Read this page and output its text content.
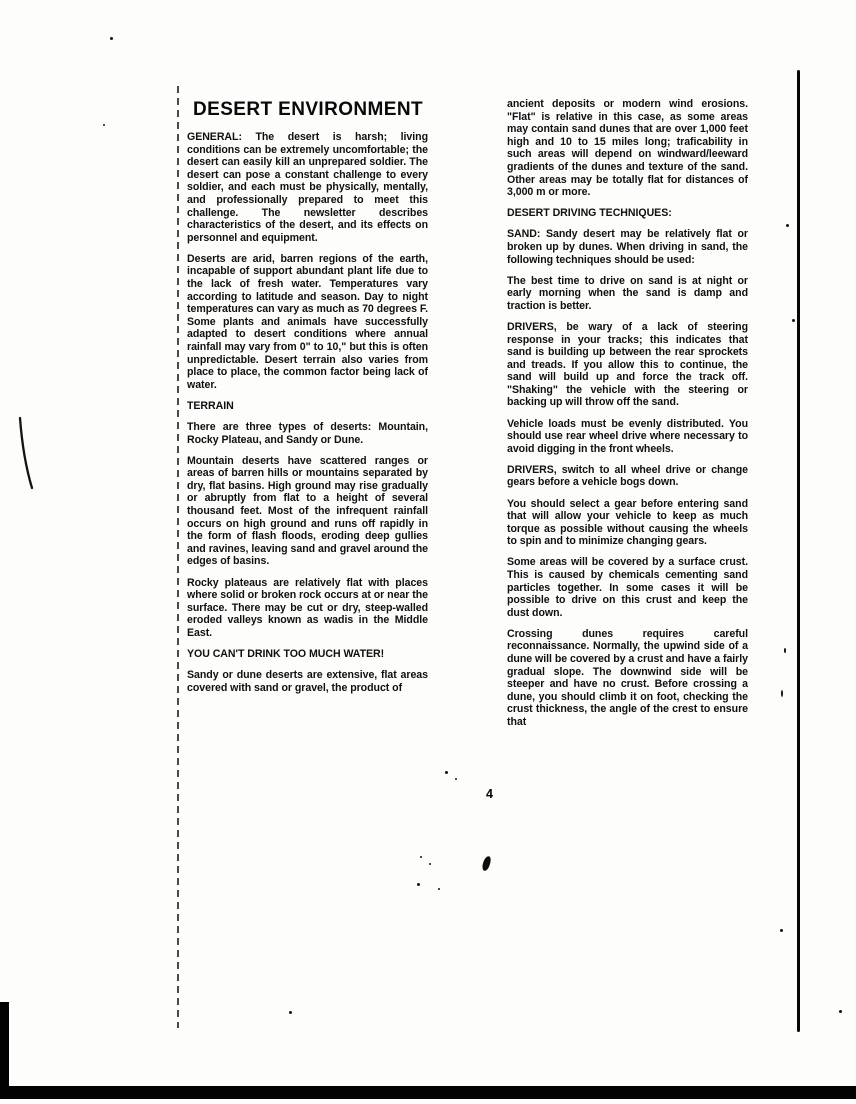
DESERT ENVIRONMENT

GENERAL: The desert is harsh; living conditions can be extremely uncomfortable; the desert can easily kill an unprepared soldier. The desert can pose a constant challenge to every soldier, and each must be physically, mentally, and professionally prepared to meet this challenge. The newsletter describes characteristics of the desert, and its effects on personnel and equipment.

Deserts are arid, barren regions of the earth, incapable of support abundant plant life due to the lack of fresh water. Temperatures vary according to latitude and season. Day to night temperatures can vary as much as 70 degrees F. Some plants and animals have successfully adapted to desert conditions where annual rainfall may vary from 0" to 10," but this is often unpredictable. Desert terrain also varies from place to place, the common factor being lack of water.

TERRAIN

There are three types of deserts: Mountain, Rocky Plateau, and Sandy or Dune.

Mountain deserts have scattered ranges or areas of barren hills or mountains separated by dry, flat basins. High ground may rise gradually or abruptly from flat to a height of several thousand feet. Most of the infrequent rainfall occurs on high ground and runs off rapidly in the form of flash floods, eroding deep gullies and ravines, leaving sand and gravel around the edges of basins.

Rocky plateaus are relatively flat with places where solid or broken rock occurs at or near the surface. There may be cut or dry, steep-walled eroded valleys known as wadis in the Middle East.

YOU CAN'T DRINK TOO MUCH WATER!

Sandy or dune deserts are extensive, flat areas covered with sand or gravel, the product of

ancient deposits or modern wind erosions. "Flat" is relative in this case, as some areas may contain sand dunes that are over 1,000 feet high and 10 to 15 miles long; traficability in such areas will depend on windward/leeward gradients of the dunes and texture of the sand. Other areas may be totally flat for distances of 3,000 m or more.

DESERT DRIVING TECHNIQUES:

SAND: Sandy desert may be relatively flat or broken up by dunes. When driving in sand, the following techniques should be used:

The best time to drive on sand is at night or early morning when the sand is damp and traction is better.

DRIVERS, be wary of a lack of steering response in your tracks; this indicates that sand is building up between the rear sprockets and treads. If you allow this to continue, the sand will build up and force the track off. "Shaking" the vehicle with the steering or backing up will throw off the sand.

Vehicle loads must be evenly distributed. You should use rear wheel drive where necessary to avoid digging in the front wheels.

DRIVERS, switch to all wheel drive or change gears before a vehicle bogs down.

You should select a gear before entering sand that will allow your vehicle to keep as much torque as possible without causing the wheels to spin and to minimize changing gears.

Some areas will be covered by a surface crust. This is caused by chemicals cementing sand particles together. In some cases it will be possible to drive on this crust and keep the dust down.

Crossing dunes requires careful reconnaissance. Normally, the upwind side of a dune will be covered by a crust and have a fairly gradual slope. The downwind side will be steeper and have no crust. Before crossing a dune, you should climb it on foot, checking the crust thickness, the angle of the crest to ensure that

4
